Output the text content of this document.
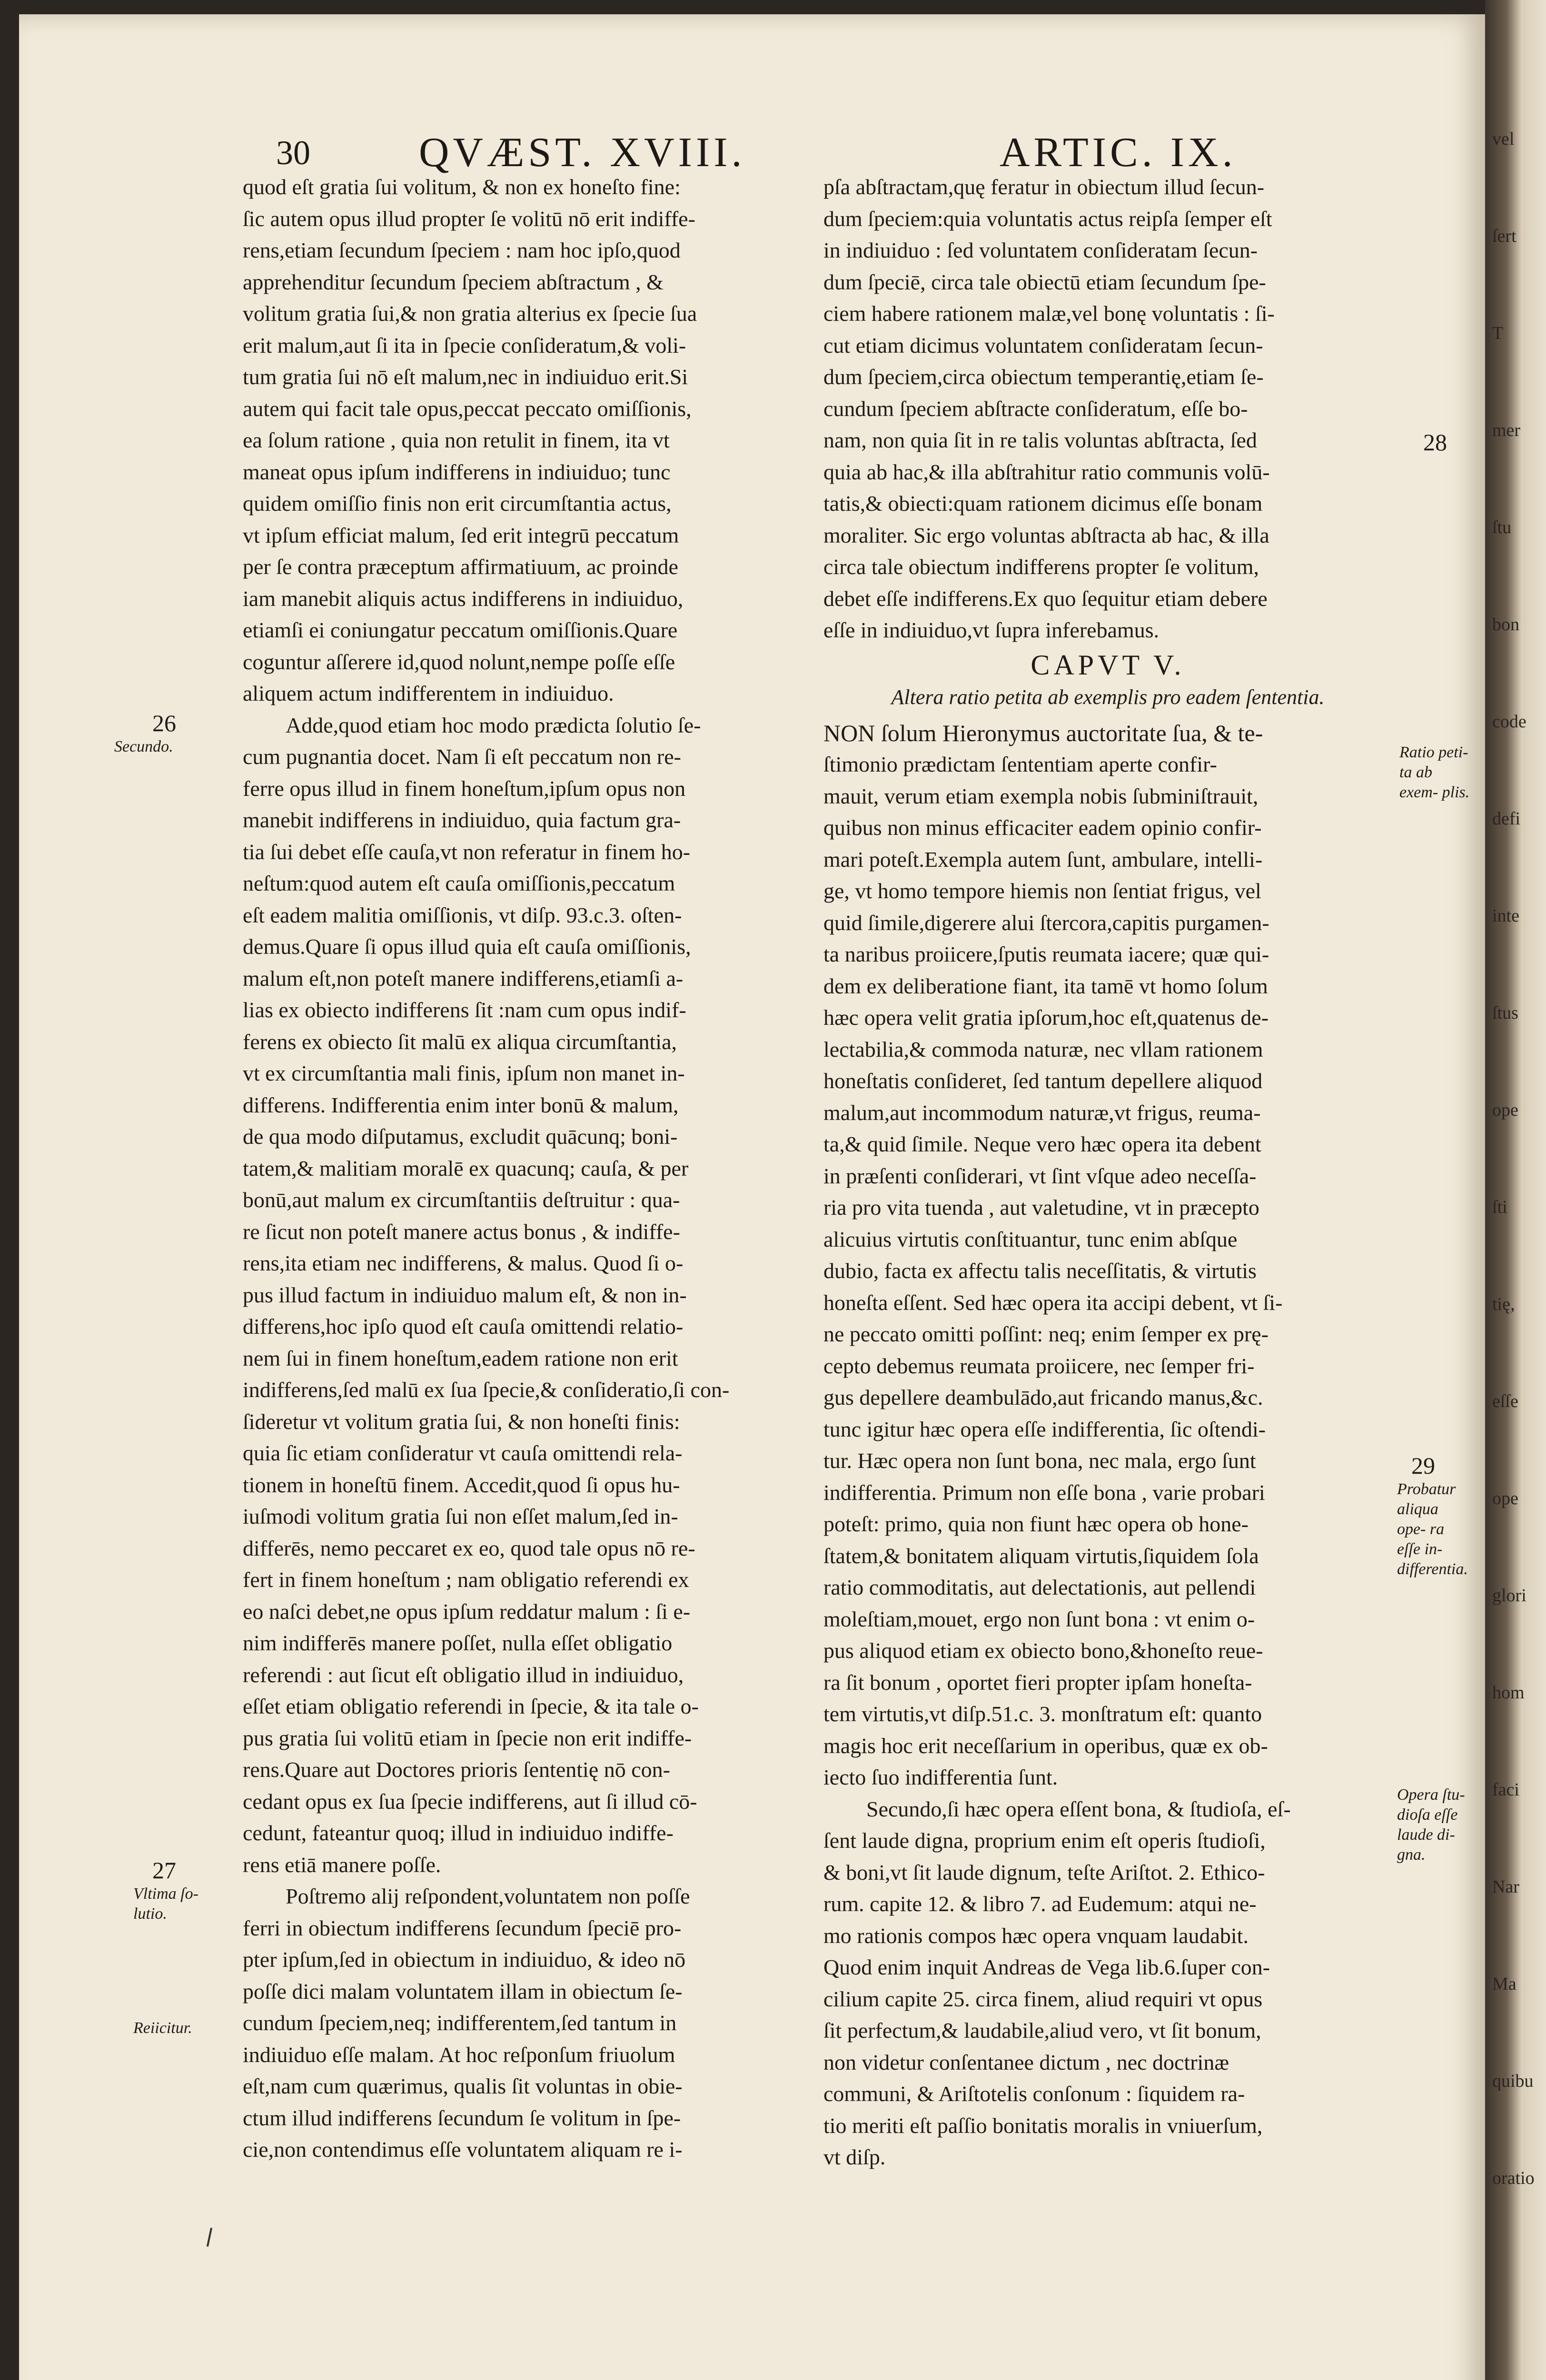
30	QVÆST. XVIII.	ARTIC. IX.
quod eſt gratia ſui volitum, & non ex honeſto fine:
ſic autem opus illud propter ſe volitū nō erit indiffe-
rens,etiam ſecundum ſpeciem : nam hoc ipſo,quod
apprehenditur ſecundum ſpeciem abſtractum , &
volitum gratia ſui,& non gratia alterius ex ſpecie ſua
erit malum,aut ſi ita in ſpecie conſideratum,& voli-
tum gratia ſui nō eſt malum,nec in indiuiduo erit.Si
autem qui facit tale opus,peccat peccato omiſſionis,
ea ſolum ratione , quia non retulit in finem, ita vt
maneat opus ipſum indifferens in indiuiduo; tunc
quidem omiſſio finis non erit circumſtantia actus,
vt ipſum efficiat malum, ſed erit integrū peccatum
per ſe contra præceptum affirmatiuum, ac proinde
iam manebit aliquis actus indifferens in indiuiduo,
etiamſi ei coniungatur peccatum omiſſionis.Quare
coguntur aſſerere id,quod nolunt,nempe poſſe eſſe
aliquem actum indifferentem in indiuiduo.
Adde,quod etiam hoc modo prædicta ſolutio ſe-
cum pugnantia docet. Nam ſi eſt peccatum non re-
ferre opus illud in finem honeſtum,ipſum opus non
manebit indifferens in indiuiduo, quia factum gra-
tia ſui debet eſſe cauſa,vt non referatur in finem ho-
neſtum:quod autem eſt cauſa omiſſionis,peccatum
eſt eadem malitia omiſſionis, vt diſp. 93.c.3. oſten-
demus.Quare ſi opus illud quia eſt cauſa omiſſionis,
malum eſt,non poteſt manere indifferens,etiamſi a-
lias ex obiecto indifferens ſit :nam cum opus indif-
ferens ex obiecto ſit malū ex aliqua circumſtantia,
vt ex circumſtantia mali finis, ipſum non manet in-
differens. Indifferentia enim inter bonū & malum,
de qua modo diſputamus, excludit quācunq; boni-
tatem,& malitiam moralē ex quacunq; cauſa, & per
bonū,aut malum ex circumſtantiis deſtruitur : qua-
re ſicut non poteſt manere actus bonus , & indiffe-
rens,ita etiam nec indifferens, & malus. Quod ſi o-
pus illud factum in indiuiduo malum eſt, & non in-
differens,hoc ipſo quod eſt cauſa omittendi relatio-
nem ſui in finem honeſtum,eadem ratione non erit
indifferens,ſed malū ex ſua ſpecie,& conſideratio,ſi con-
ſideretur vt volitum gratia ſui, & non honeſti finis:
quia ſic etiam conſideratur vt cauſa omittendi rela-
tionem in honeſtū finem. Accedit,quod ſi opus hu-
iuſmodi volitum gratia ſui non eſſet malum,ſed in-
differēs, nemo peccaret ex eo, quod tale opus nō re-
fert in finem honeſtum ; nam obligatio referendi ex
eo naſci debet,ne opus ipſum reddatur malum : ſi e-
nim indifferēs manere poſſet, nulla eſſet obligatio
referendi : aut ſicut eſt obligatio illud in indiuiduo,
eſſet etiam obligatio referendi in ſpecie, & ita tale o-
pus gratia ſui volitū etiam in ſpecie non erit indiffe-
rens.Quare aut Doctores prioris ſententię nō con-
cedant opus ex ſua ſpecie indifferens, aut ſi illud cō-
cedunt, fateantur quoq; illud in indiuiduo indiffe-
rens etiā manere poſſe.
Poſtremo alij reſpondent,voluntatem non poſſe
ferri in obiectum indifferens ſecundum ſpeciē pro-
pter ipſum,ſed in obiectum in indiuiduo, & ideo nō
poſſe dici malam voluntatem illam in obiectum ſe-
cundum ſpeciem,neq; indifferentem,ſed tantum in
indiuiduo eſſe malam. At hoc reſponſum friuolum
eſt,nam cum quærimus, qualis ſit voluntas in obie-
ctum illud indifferens ſecundum ſe volitum in ſpe-
cie,non contendimus eſſe voluntatem aliquam re i-
pſa abſtractam,quę feratur in obiectum illud ſecun-
dum ſpeciem:quia voluntatis actus reipſa ſemper eſt
in indiuiduo : ſed voluntatem conſideratam ſecun-
dum ſpeciē, circa tale obiectū etiam ſecundum ſpe-
ciem habere rationem malæ,vel bonę voluntatis : ſi-
cut etiam dicimus voluntatem conſideratam ſecun-
dum ſpeciem,circa obiectum temperantię,etiam ſe-
cundum ſpeciem abſtracte conſideratum, eſſe bo-
nam, non quia ſit in re talis voluntas abſtracta, ſed
quia ab hac,& illa abſtrahitur ratio communis volū-
tatis,& obiecti:quam rationem dicimus eſſe bonam
moraliter. Sic ergo voluntas abſtracta ab hac, & illa
circa tale obiectum indifferens propter ſe volitum,
debet eſſe indifferens.Ex quo ſequitur etiam debere
eſſe in indiuiduo,vt ſupra inferebamus.
CAPVT V.
Altera ratio petita ab exemplis pro eadem ſententia.
NON ſolum Hieronymus auctoritate ſua, & te-
ſtimonio prædictam ſententiam aperte confir-
mauit, verum etiam exempla nobis ſubminiſtrauit,
quibus non minus efficaciter eadem opinio confir-
mari poteſt.Exempla autem ſunt, ambulare, intelli-
ge, vt homo tempore hiemis non ſentiat frigus, vel
quid ſimile,digerere alui ſtercora,capitis purgamen-
ta naribus proiicere,ſputis reumata iacere; quæ qui-
dem ex deliberatione fiant, ita tamē vt homo ſolum
hæc opera velit gratia ipſorum,hoc eſt,quatenus de-
lectabilia,& commoda naturæ, nec vllam rationem
honeſtatis conſideret, ſed tantum depellere aliquod
malum,aut incommodum naturæ,vt frigus, reuma-
ta,& quid ſimile. Neque vero hæc opera ita debent
in præſenti conſiderari, vt ſint vſque adeo neceſſa-
ria pro vita tuenda , aut valetudine, vt in præcepto
alicuius virtutis conſtituantur, tunc enim abſque
dubio, facta ex affectu talis neceſſitatis, & virtutis
honeſta eſſent. Sed hæc opera ita accipi debent, vt ſi-
ne peccato omitti poſſint: neq; enim ſemper ex prę-
cepto debemus reumata proiicere, nec ſemper fri-
gus depellere deambulādo,aut fricando manus,&c.
tunc igitur hæc opera eſſe indifferentia, ſic oſtendi-
tur. Hæc opera non ſunt bona, nec mala, ergo ſunt
indifferentia. Primum non eſſe bona , varie probari
poteſt: primo, quia non fiunt hæc opera ob hone-
ſtatem,& bonitatem aliquam virtutis,ſiquidem ſola
ratio commoditatis, aut delectationis, aut pellendi
moleſtiam,mouet, ergo non ſunt bona : vt enim o-
pus aliquod etiam ex obiecto bono,&honeſto reue-
ra ſit bonum , oportet fieri propter ipſam honeſta-
tem virtutis,vt diſp.51.c. 3. monſtratum eſt: quanto
magis hoc erit neceſſarium in operibus, quæ ex ob-
iecto ſuo indifferentia ſunt.
Secundo,ſi hæc opera eſſent bona, & ſtudioſa, eſ-
ſent laude digna, proprium enim eſt operis ſtudioſi,
& boni,vt ſit laude dignum, teſte Ariſtot. 2. Ethico-
rum. capite 12. & libro 7. ad Eudemum: atqui ne-
mo rationis compos hæc opera vnquam laudabit.
Quod enim inquit Andreas de Vega lib.6.ſuper con-
cilium capite 25. circa finem, aliud requiri vt opus
ſit perfectum,& laudabile,aliud vero, vt ſit bonum,
non videtur conſentanee dictum , nec doctrinæ
communi, & Ariſtotelis conſonum : ſiquidem ra-
tio meriti eſt paſſio bonitatis moralis in vniuerſum,
vt diſp.
26
Secundo.
27
Vltima ſo- lutio.
Reiicitur.
28
Ratio peti- ta ab exem- plis.
29
Probatur aliqua ope- ra eſſe in- differentia.
Opera ſtu- dioſa eſſe laude di- gna.
vel
ſert
T
mer
ſtu
bon
code
defi
inte
ſtus
ope
ſti
tię,
eſſe
ope
glori
hom
faci
Nar
Ma
quibu
oratio
